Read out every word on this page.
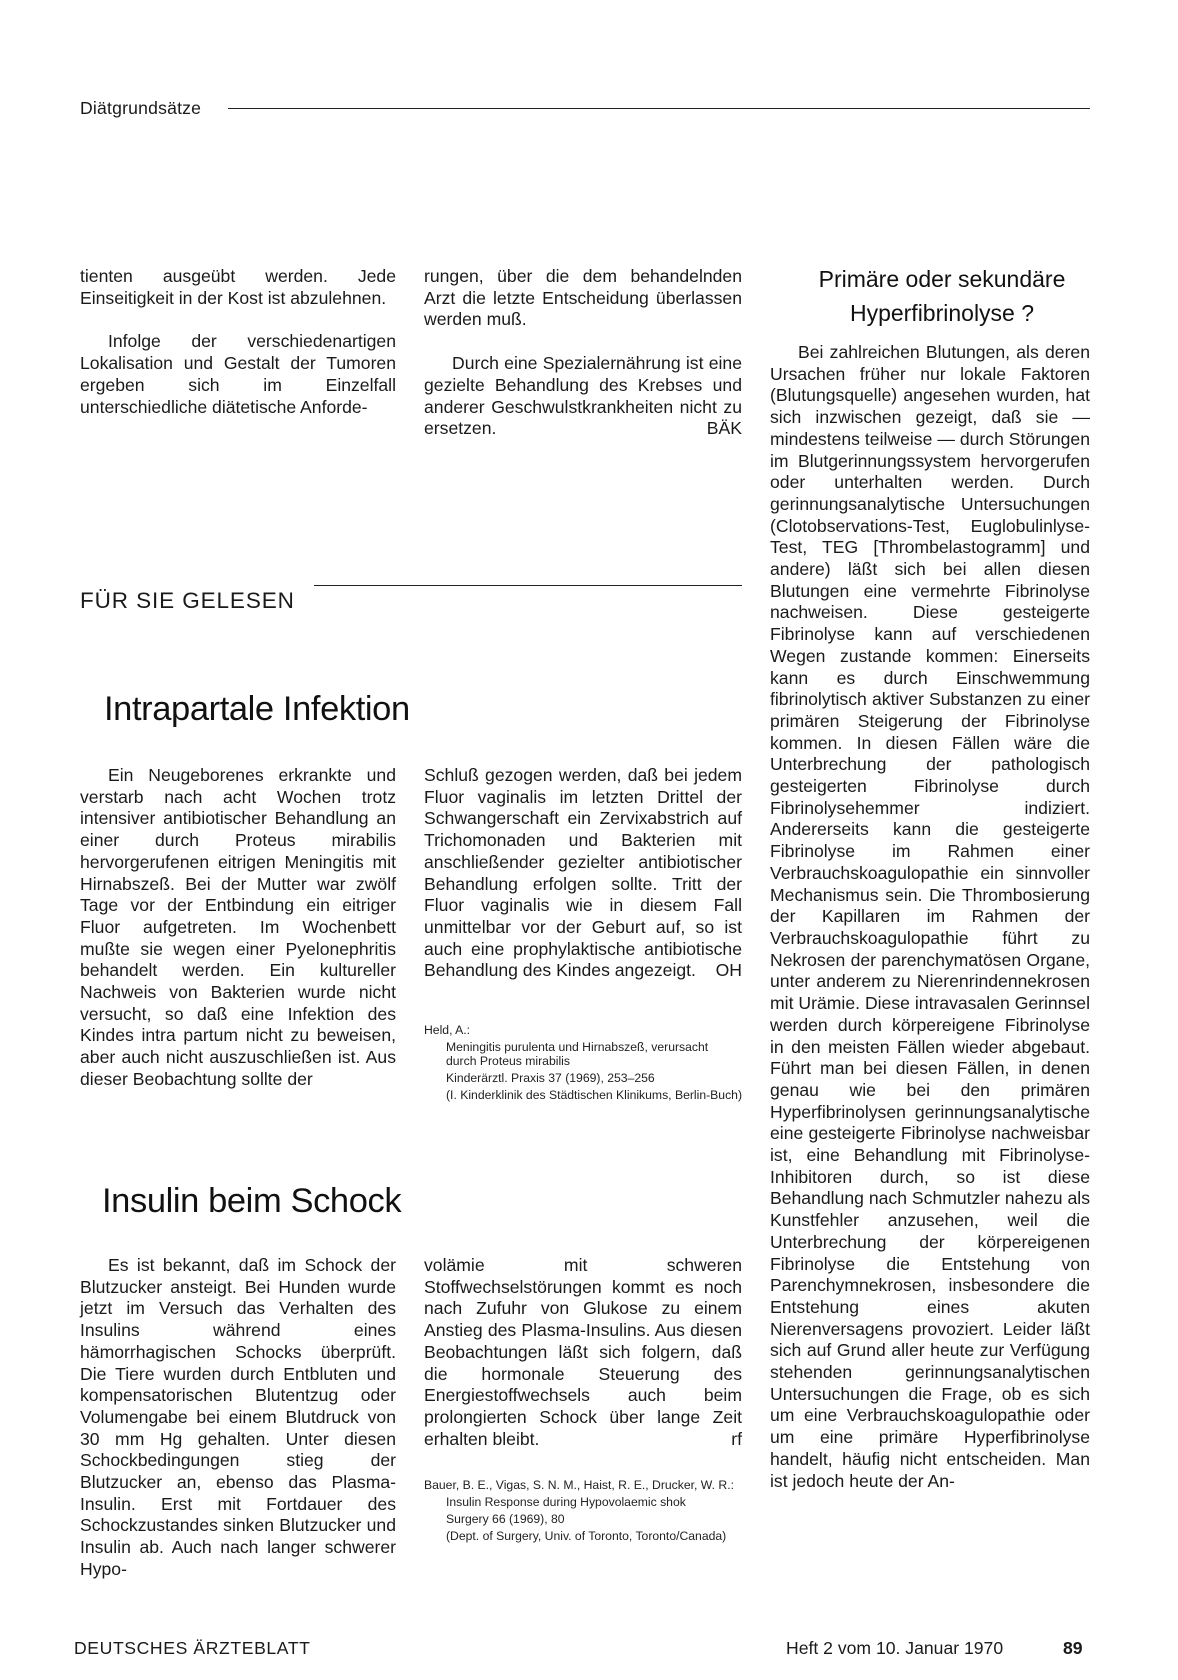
Diätgrundsätze

tienten ausgeübt werden. Jede Einseitigkeit in der Kost ist abzulehnen.

Infolge der verschiedenartigen Lokalisation und Gestalt der Tumoren ergeben sich im Einzelfall unterschiedliche diätetische Anforde-

rungen, über die dem behandelnden Arzt die letzte Entscheidung überlassen werden muß.

Durch eine Spezialernährung ist eine gezielte Behandlung des Krebses und anderer Geschwulstkrankheiten nicht zu ersetzen.	BÄK

FÜR SIE GELESEN
Intrapartale Infektion

Ein Neugeborenes erkrankte und verstarb nach acht Wochen trotz intensiver antibiotischer Behandlung an einer durch Proteus mirabilis hervorgerufenen eitrigen Meningitis mit Hirnabszeß. Bei der Mutter war zwölf Tage vor der Entbindung ein eitriger Fluor aufgetreten. Im Wochenbett mußte sie wegen einer Pyelonephritis behandelt werden. Ein kultureller Nachweis von Bakterien wurde nicht versucht, so daß eine Infektion des Kindes intra partum nicht zu beweisen, aber auch nicht auszuschließen ist. Aus dieser Beobachtung sollte der

Schluß gezogen werden, daß bei jedem Fluor vaginalis im letzten Drittel der Schwangerschaft ein Zervixabstrich auf Trichomonaden und Bakterien mit anschließender gezielter antibiotischer Behandlung erfolgen sollte. Tritt der Fluor vaginalis wie in diesem Fall unmittelbar vor der Geburt auf, so ist auch eine prophylaktische antibiotische Behandlung des Kindes angezeigt. OH

Held, A.:
Meningitis purulenta und Hirnabszeß, verursacht durch Proteus mirabilis
Kinderärztl. Praxis 37 (1969), 253–256
(I. Kinderklinik des Städtischen Klinikums, Berlin-Buch)
Insulin beim Schock

Es ist bekannt, daß im Schock der Blutzucker ansteigt. Bei Hunden wurde jetzt im Versuch das Verhalten des Insulins während eines hämorrhagischen Schocks überprüft. Die Tiere wurden durch Entbluten und kompensatorischen Blutentzug oder Volumengabe bei einem Blutdruck von 30 mm Hg gehalten. Unter diesen Schockbedingungen stieg der Blutzucker an, ebenso das Plasma-Insulin. Erst mit Fortdauer des Schockzustandes sinken Blutzucker und Insulin ab. Auch nach langer schwerer Hypo-

volämie mit schweren Stoffwechselstörungen kommt es noch nach Zufuhr von Glukose zu einem Anstieg des Plasma-Insulins. Aus diesen Beobachtungen läßt sich folgern, daß die hormonale Steuerung des Energiestoffwechsels auch beim prolongierten Schock über lange Zeit erhalten bleibt.	rf

Bauer, B. E., Vigas, S. N. M., Haist, R. E., Drucker, W. R.:
Insulin Response during Hypovolaemic shok
Surgery 66 (1969), 80
(Dept. of Surgery, Univ. of Toronto, Toronto/Canada)
Primäre oder sekundäre Hyperfibrinolyse ?

Bei zahlreichen Blutungen, als deren Ursachen früher nur lokale Faktoren (Blutungsquelle) angesehen wurden, hat sich inzwischen gezeigt, daß sie — mindestens teilweise — durch Störungen im Blutgerinnungssystem hervorgerufen oder unterhalten werden. Durch gerinnungsanalytische Untersuchungen (Clotobservations-Test, Euglobulinlyse-Test, TEG [Thrombelastogramm] und andere) läßt sich bei allen diesen Blutungen eine vermehrte Fibrinolyse nachweisen. Diese gesteigerte Fibrinolyse kann auf verschiedenen Wegen zustande kommen: Einerseits kann es durch Einschwemmung fibrinolytisch aktiver Substanzen zu einer primären Steigerung der Fibrinolyse kommen. In diesen Fällen wäre die Unterbrechung der pathologisch gesteigerten Fibrinolyse durch Fibrinolysehemmer indiziert. Andererseits kann die gesteigerte Fibrinolyse im Rahmen einer Verbrauchskoagulopathie ein sinnvoller Mechanismus sein. Die Thrombosierung der Kapillaren im Rahmen der Verbrauchskoagulopathie führt zu Nekrosen der parenchymatösen Organe, unter anderem zu Nierenrindennekrosen mit Urämie. Diese intravasalen Gerinnsel werden durch körpereigene Fibrinolyse in den meisten Fällen wieder abgebaut. Führt man bei diesen Fällen, in denen genau wie bei den primären Hyperfibrinolysen gerinnungsanalytische eine gesteigerte Fibrinolyse nachweisbar ist, eine Behandlung mit Fibrinolyse-Inhibitoren durch, so ist diese Behandlung nach Schmutzler nahezu als Kunstfehler anzusehen, weil die Unterbrechung der körpereigenen Fibrinolyse die Entstehung von Parenchymnekrosen, insbesondere die Entstehung eines akuten Nierenversagens provoziert. Leider läßt sich auf Grund aller heute zur Verfügung stehenden gerinnungsanalytischen Untersuchungen die Frage, ob es sich um eine Verbrauchskoagulopathie oder um eine primäre Hyperfibrinolyse handelt, häufig nicht entscheiden. Man ist jedoch heute der An-

DEUTSCHES ÄRZTEBLATT	Heft 2 vom 10. Januar 1970	89
